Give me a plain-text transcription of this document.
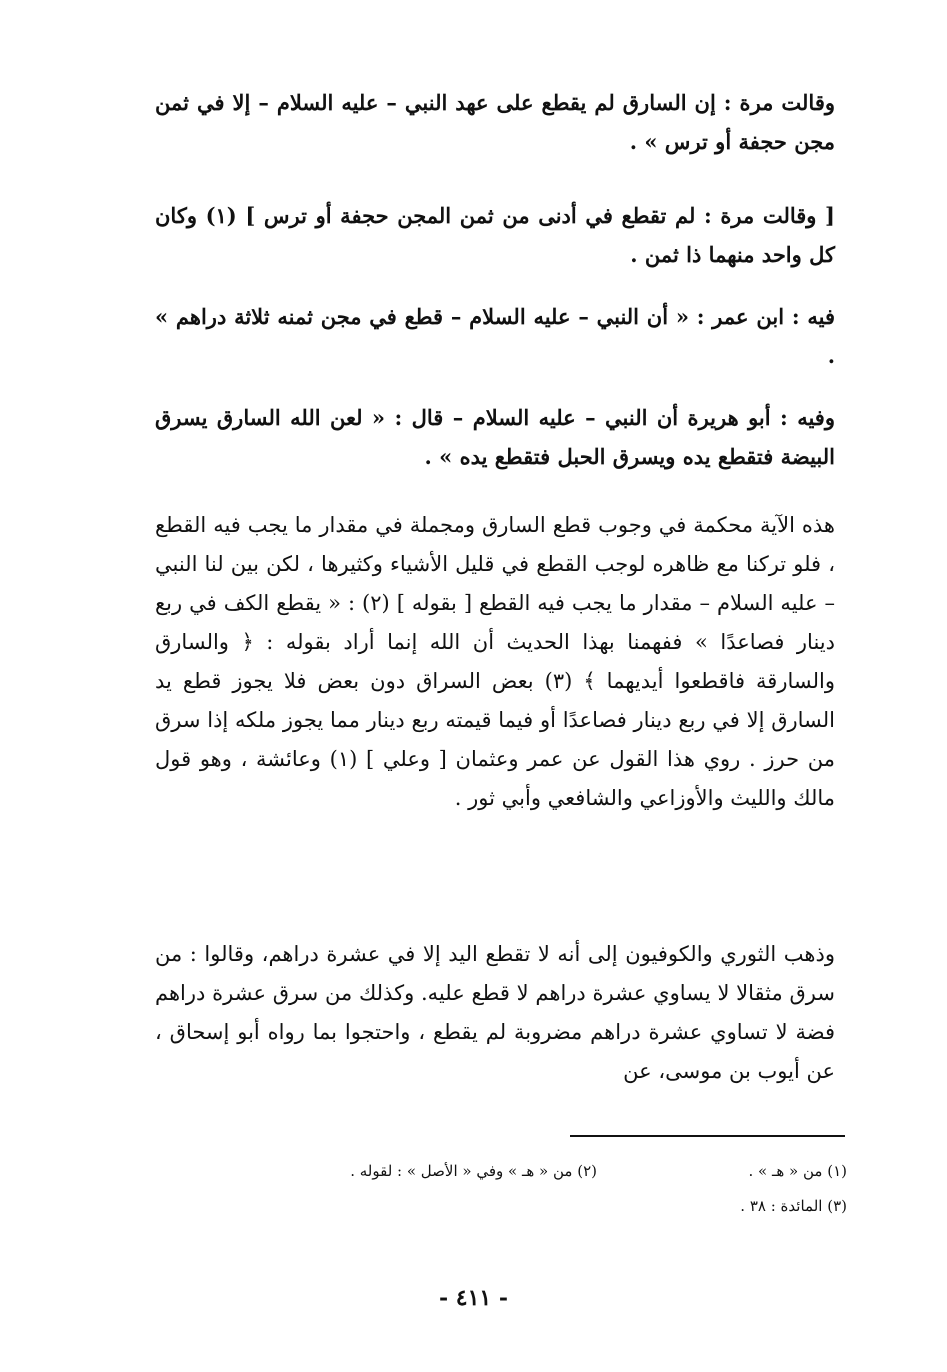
وقالت مرة : إن السارق لم يقطع على عهد النبي – عليه السلام – إلا في ثمن مجن حجفة أو ترس » .

[ وقالت مرة : لم تقطع في أدنى من ثمن المجن حجفة أو ترس ] (١) وكان كل واحد منهما ذا ثمن .

فيه : ابن عمر : « أن النبي – عليه السلام – قطع في مجن ثمنه ثلاثة دراهم » .

وفيه : أبو هريرة أن النبي – عليه السلام – قال : « لعن الله السارق يسرق البيضة فتقطع يده ويسرق الحبل فتقطع يده » .

هذه الآية محكمة في وجوب قطع السارق ومجملة في مقدار ما يجب فيه القطع ، فلو تركنا مع ظاهره لوجب القطع في قليل الأشياء وكثيرها ، لكن بين لنا النبي – عليه السلام – مقدار ما يجب فيه القطع [ بقوله ] (٢) : « يقطع الكف في ربع دينار فصاعدًا » ففهمنا بهذا الحديث أن الله إنما أراد بقوله : ﴿ والسارق والسارقة فاقطعوا أيديهما ﴾ (٣) بعض السراق دون بعض فلا يجوز قطع يد السارق إلا في ربع دينار فصاعدًا أو فيما قيمته ربع دينار مما يجوز ملكه إذا سرق من حرز . روي هذا القول عن عمر وعثمان [ وعلي ] (١) وعائشة ، وهو قول مالك والليث والأوزاعي والشافعي وأبي ثور .

وذهب الثوري والكوفيون إلى أنه لا تقطع اليد إلا في عشرة دراهم، وقالوا : من سرق مثقالا لا يساوي عشرة دراهم لا قطع عليه. وكذلك من سرق عشرة دراهم فضة لا تساوي عشرة دراهم مضروبة لم يقطع ، واحتجوا بما رواه أبو إسحاق ، عن أيوب بن موسى، عن

(١) من « هـ » .
(٢) من « هـ » وفي « الأصل » : لقوله .
(٣) المائدة : ٣٨ .
- ٤١١ -
